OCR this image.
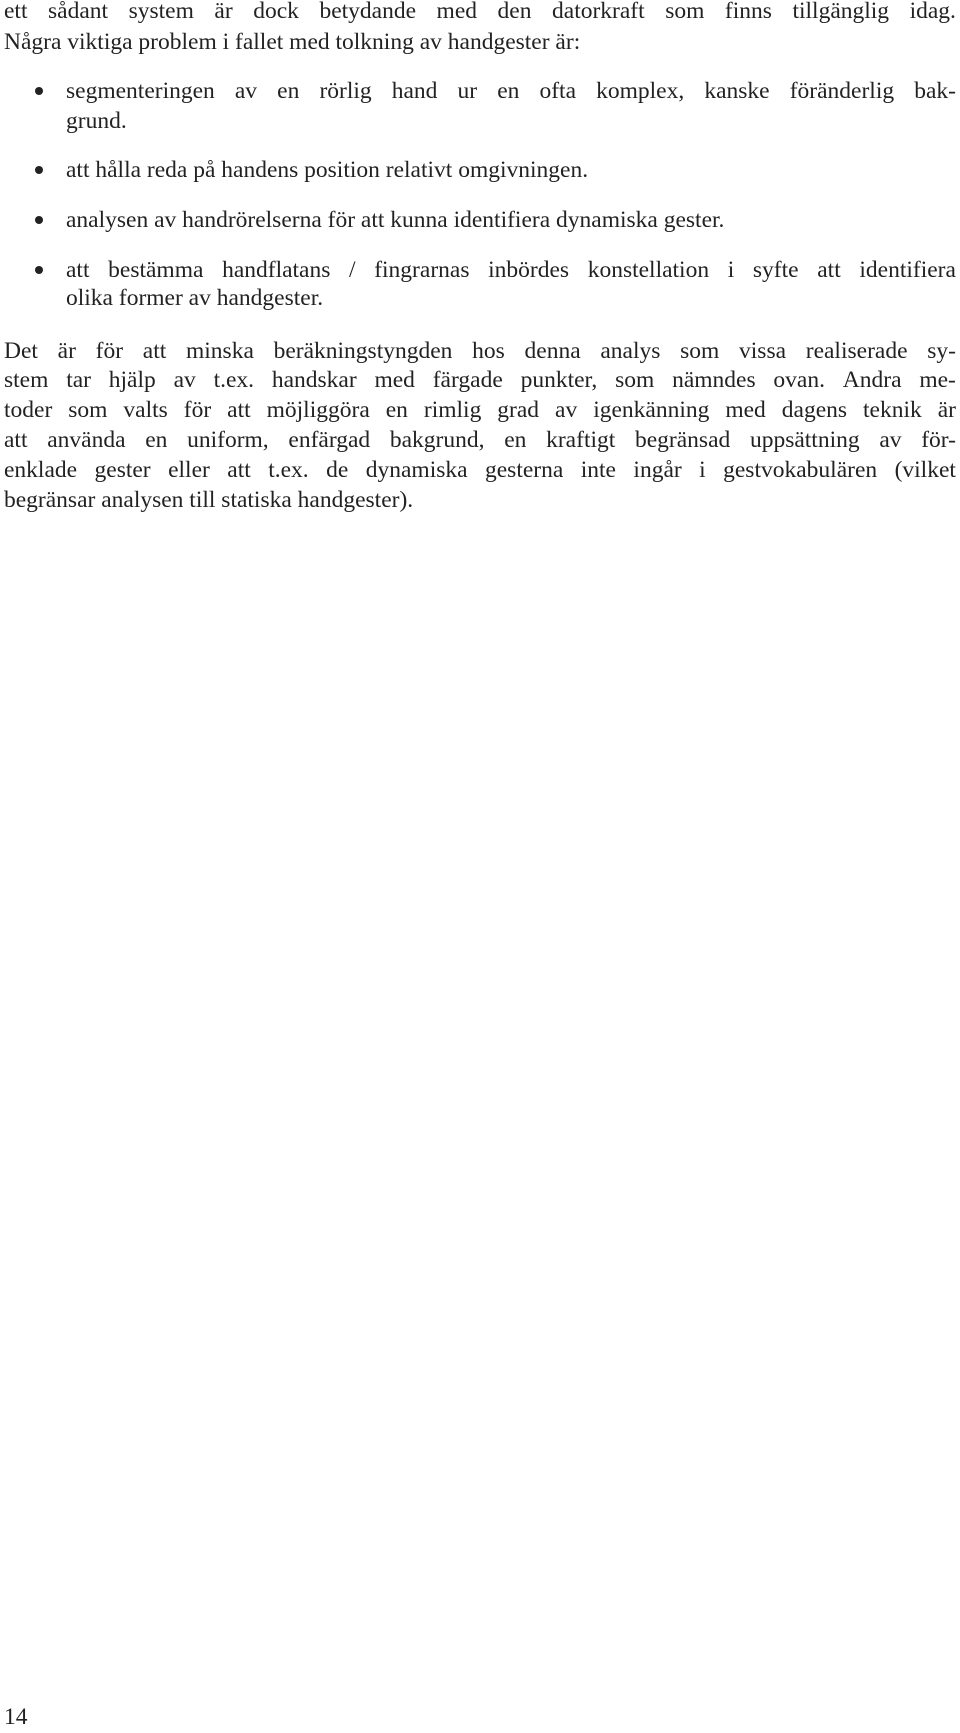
ett sådant system är dock betydande med den datorkraft som finns tillgänglig idag.
Några viktiga problem i fallet med tolkning av handgester är:
segmenteringen av en rörlig hand ur en ofta komplex, kanske föränderlig bak-
grund.
att hålla reda på handens position relativt omgivningen.
analysen av handrörelserna för att kunna identifiera dynamiska gester.
att bestämma handflatans / fingrarnas inbördes konstellation i syfte att identifiera
olika former av handgester.
Det är för att minska beräkningstyngden hos denna analys som vissa realiserade sy-
stem tar hjälp av t.ex. handskar med färgade punkter, som nämndes ovan. Andra me-
toder som valts för att möjliggöra en rimlig grad av igenkänning med dagens teknik är
att använda en uniform, enfärgad bakgrund, en kraftigt begränsad uppsättning av för-
enklade gester eller att t.ex. de dynamiska gesterna inte ingår i gestvokabulären (vilket
begränsar analysen till statiska handgester).
14
